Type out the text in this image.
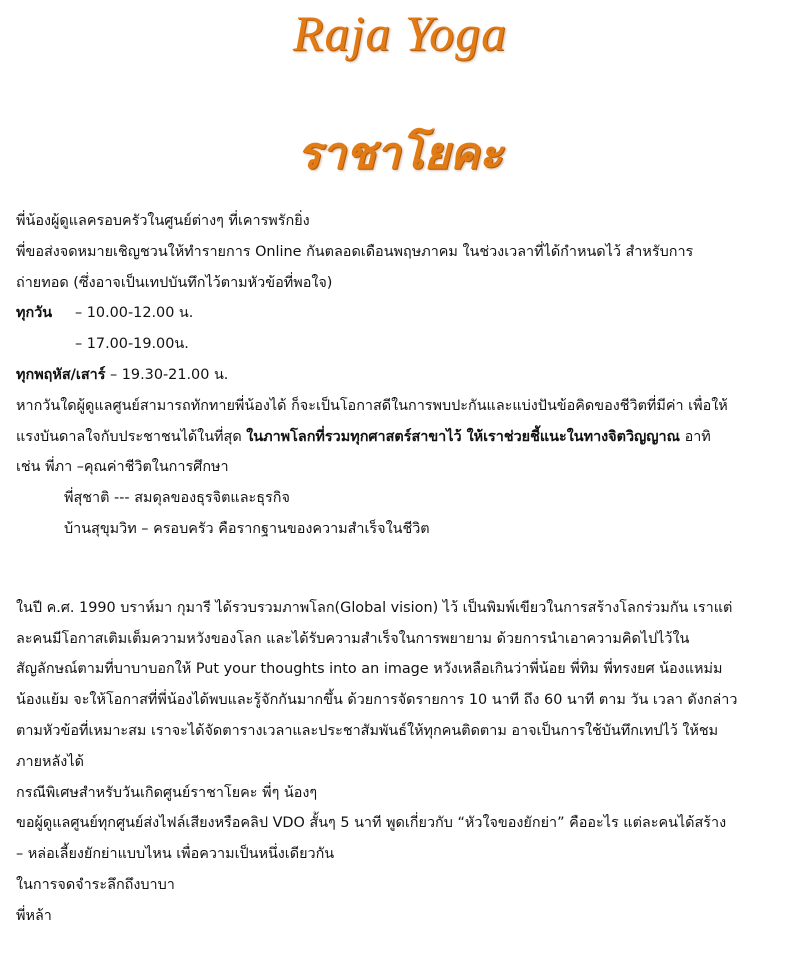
Raja Yoga
ราชาโยคะ
พี่น้องผู้ดูแลครอบครัวในศูนย์ต่างๆ ที่เคารพรักยิ่ง
พี่ขอส่งจดหมายเชิญชวนให้ทำรายการ Online กันตลอดเดือนพฤษภาคม ในช่วงเวลาที่ได้กำหนดไว้ สำหรับการ
ถ่ายทอด (ซึ่งอาจเป็นเทปบันทึกไว้ตามหัวข้อที่พอใจ)
ทุกวัน – 10.00-12.00 น.
– 17.00-19.00น.
ทุกพฤหัส/เสาร์ – 19.30-21.00 น.
หากวันใดผู้ดูแลศูนย์สามารถทักทายพี่น้องได้ ก็จะเป็นโอกาสดีในการพบปะกันและแบ่งปันข้อคิดของชีวิตที่มีค่า เพื่อให้
แรงบันดาลใจกับประชาชนได้ในที่สุด ในภาพโลกที่รวมทุกศาสตร์สาขาไว้ ให้เราช่วยชี้แนะในทางจิตวิญญาณ อาทิ
เช่น พี่ภา –คุณค่าชีวิตในการศึกษา
พี่สุชาติ --- สมดุลของธุรจิตและธุรกิจ
บ้านสุขุมวิท – ครอบครัว คือรากฐานของความสำเร็จในชีวิต
ในปี ค.ศ. 1990 บราห์มา กุมารี ได้รวบรวมภาพโลก(Global vision) ไว้ เป็นพิมพ์เขียวในการสร้างโลกร่วมกัน เราแต่
ละคนมีโอกาสเติมเต็มความหวังของโลก และได้รับความสำเร็จในการพยายาม ด้วยการนำเอาความคิดไปไว้ใน
สัญลักษณ์ตามที่บาบาบอกให้ Put your thoughts into an image หวังเหลือเกินว่าพี่น้อย พี่ทิม พี่ทรงยศ น้องแหม่ม
น้องแย้ม จะให้โอกาสที่พี่น้องได้พบและรู้จักกันมากขึ้น ด้วยการจัดรายการ 10 นาที ถึง 60 นาที ตาม วัน เวลา ดังกล่าว
ตามหัวข้อที่เหมาะสม เราจะได้จัดตารางเวลาและประชาสัมพันธ์ให้ทุกคนติดตาม อาจเป็นการใช้บันทึกเทปไว้ ให้ชม
ภายหลังได้
กรณีพิเศษสำหรับวันเกิดศูนย์ราชาโยคะ พี่ๆ น้องๆ
ขอผู้ดูแลศูนย์ทุกศูนย์ส่งไฟล์เสียงหรือคลิป VDO สั้นๆ 5 นาที พูดเกี่ยวกับ “หัวใจของยักย่า” คืออะไร แต่ละคนได้สร้าง
– หล่อเลี้ยงยักย่าแบบไหน เพื่อความเป็นหนึ่งเดียวกัน
ในการจดจำระลึกถึงบาบา
พี่หล้า
